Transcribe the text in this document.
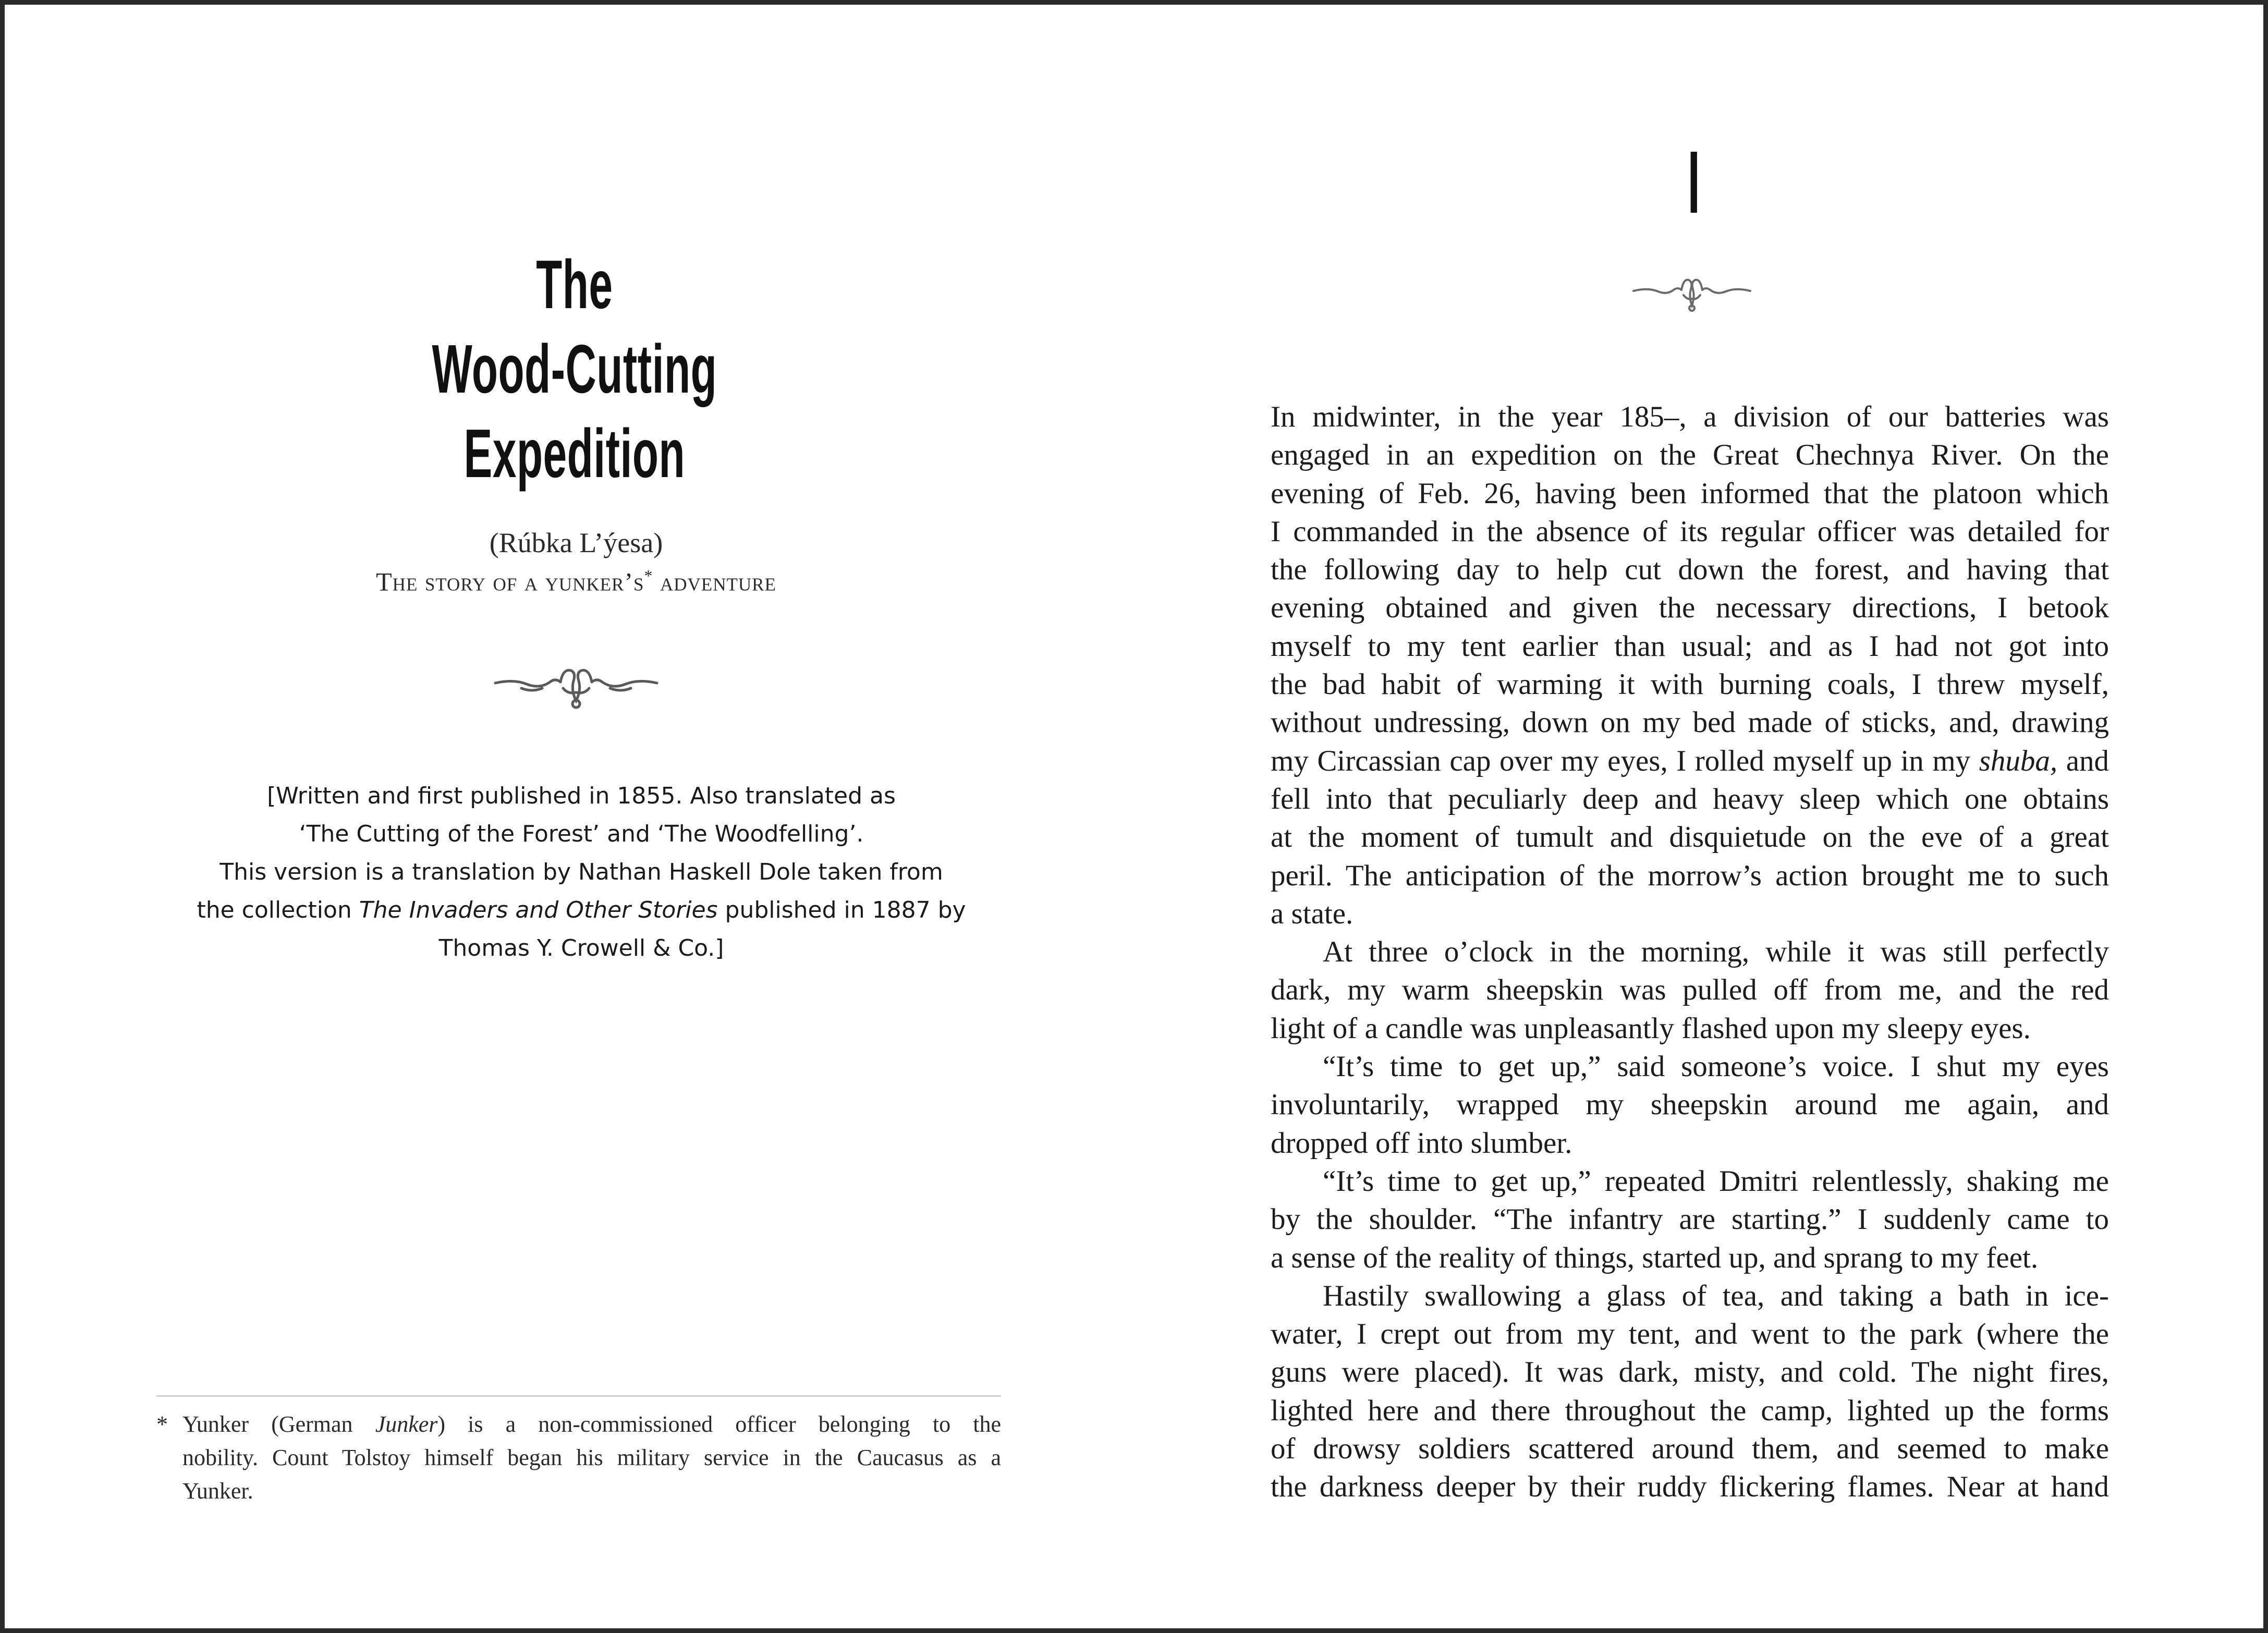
The
Wood-Cutting
Expedition
(Rúbka L’ýesa)
The story of a yunker’s* adventure
[Written and first published in 1855. Also translated as
‘The Cutting of the Forest’ and ‘The Woodfelling’.
This version is a translation by Nathan Haskell Dole taken from
the collection The Invaders and Other Stories published in 1887 by
Thomas Y. Crowell & Co.]
* Yunker (German Junker) is a non-commissioned officer belonging to the
nobility. Count Tolstoy himself began his military service in the Caucasus as a
Yunker.
I
In midwinter, in the year 185–, a division of our batteries was
engaged in an expedition on the Great Chechnya River. On the
evening of Feb. 26, having been informed that the platoon which
I commanded in the absence of its regular officer was detailed for
the following day to help cut down the forest, and having that
evening obtained and given the necessary directions, I betook
myself to my tent earlier than usual; and as I had not got into
the bad habit of warming it with burning coals, I threw myself,
without undressing, down on my bed made of sticks, and, drawing
my Circassian cap over my eyes, I rolled myself up in my shuba, and
fell into that peculiarly deep and heavy sleep which one obtains
at the moment of tumult and disquietude on the eve of a great
peril. The anticipation of the morrow’s action brought me to such
a state.
At three o’clock in the morning, while it was still perfectly
dark, my warm sheepskin was pulled off from me, and the red
light of a candle was unpleasantly flashed upon my sleepy eyes.
“It’s time to get up,” said someone’s voice. I shut my eyes
involuntarily, wrapped my sheepskin around me again, and
dropped off into slumber.
“It’s time to get up,” repeated Dmitri relentlessly, shaking me
by the shoulder. “The infantry are starting.” I suddenly came to
a sense of the reality of things, started up, and sprang to my feet.
Hastily swallowing a glass of tea, and taking a bath in ice-
water, I crept out from my tent, and went to the park (where the
guns were placed). It was dark, misty, and cold. The night fires,
lighted here and there throughout the camp, lighted up the forms
of drowsy soldiers scattered around them, and seemed to make
the darkness deeper by their ruddy flickering flames. Near at hand
